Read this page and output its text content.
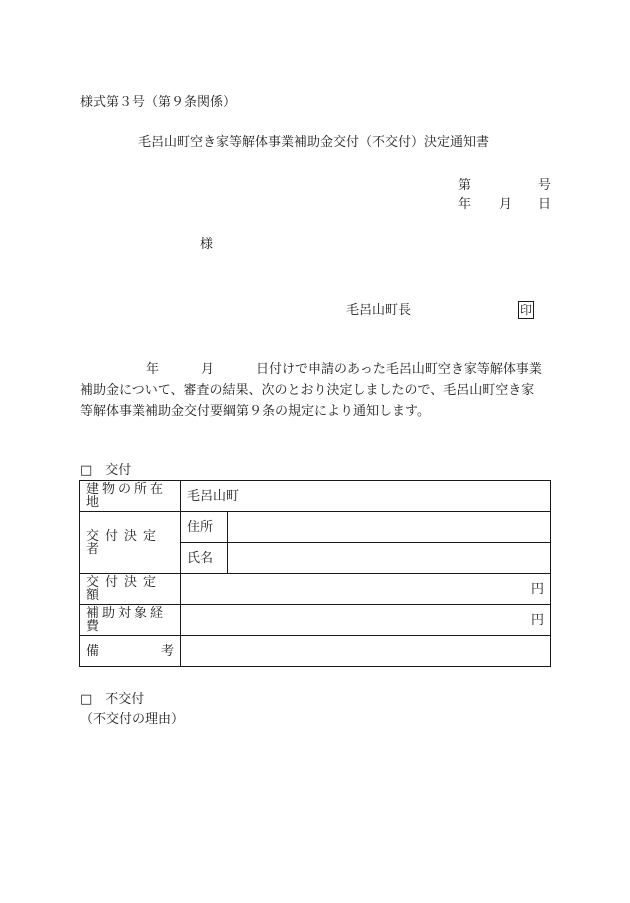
様式第３号（第９条関係）
毛呂山町空き家等解体事業補助金交付（不交付）決定通知書
第	号
年 月 日
様
毛呂山町長	印
年	月	日付けで申請のあった毛呂山町空き家等解体事業
補助金について、審査の結果、次のとおり決定しましたので、毛呂山町空き家
等解体事業補助金交付要綱第９条の規定により通知します。
□　交付
建物の所在地	毛呂山町	
交付決定者	住所	
	氏名	
交付決定額	円	
補助対象経費	円	

備 考		

□　不交付
（不交付の理由）
